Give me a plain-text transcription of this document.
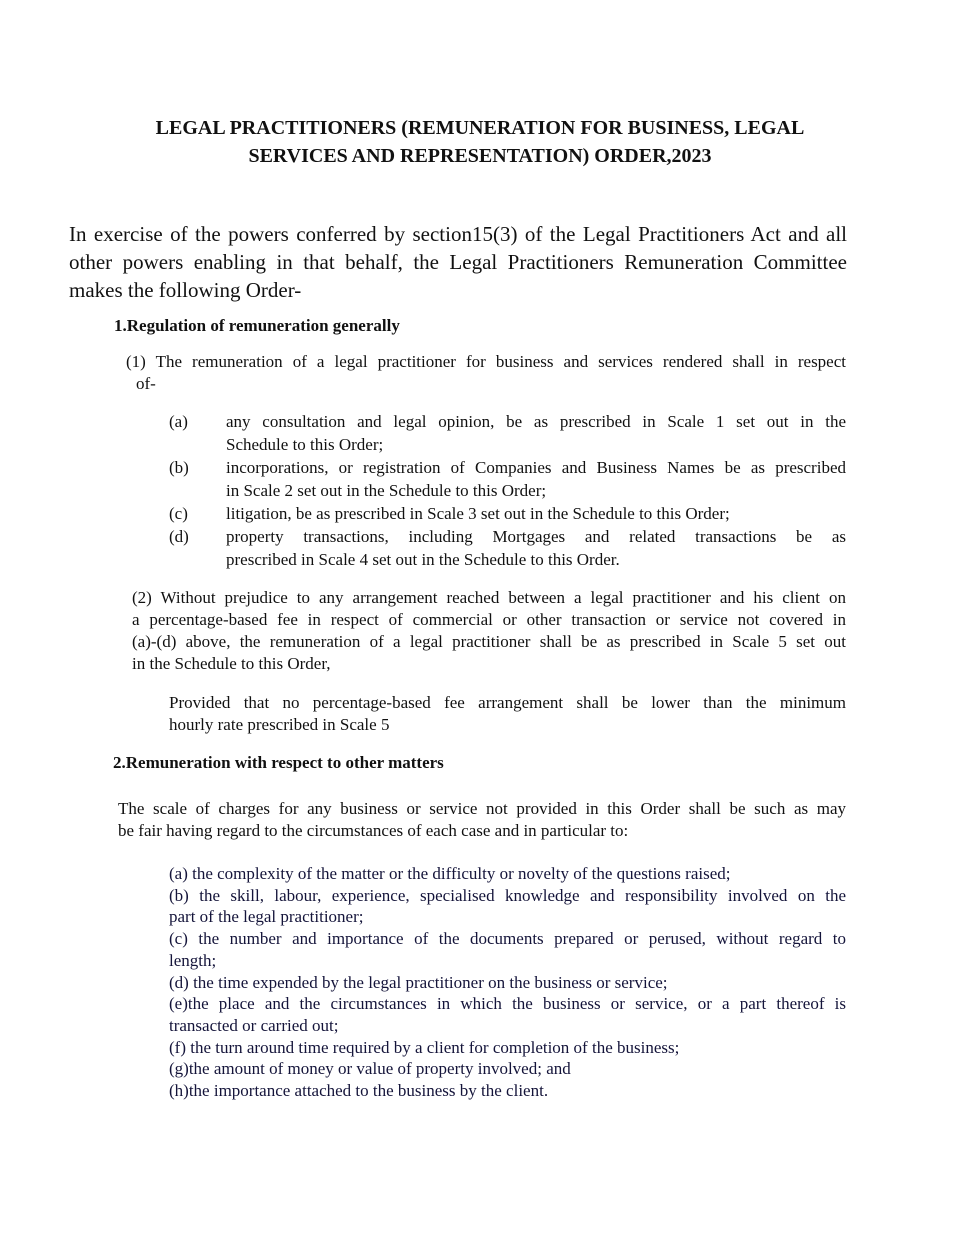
LEGAL PRACTITIONERS (REMUNERATION FOR BUSINESS, LEGAL
SERVICES AND REPRESENTATION) ORDER,2023
In exercise of the powers conferred by section15(3) of the Legal Practitioners Act and all
other powers enabling in that behalf, the Legal Practitioners Remuneration Committee
makes the following Order-
1.Regulation of remuneration generally
(1) The remuneration of a legal practitioner for business and services rendered shall in respect
of-
(a)	any consultation and legal opinion, be as prescribed in Scale 1 set out in the
Schedule to this Order;
(b)	incorporations, or registration of Companies and Business Names be as prescribed
in Scale 2 set out in the Schedule to this Order;
(c)	litigation, be as prescribed in Scale 3 set out in the Schedule to this Order;
(d)	property transactions, including Mortgages and related transactions be as
prescribed in Scale 4 set out in the Schedule to this Order.
(2) Without prejudice to any arrangement reached between a legal practitioner and his client on
a percentage-based fee in respect of commercial or other transaction or service not covered in
(a)-(d) above, the remuneration of a legal practitioner shall be as prescribed in Scale 5 set out
in the Schedule to this Order,
Provided that no percentage-based fee arrangement shall be lower than the minimum
hourly rate prescribed in Scale 5
2.Remuneration with respect to other matters
The scale of charges for any business or service not provided in this Order shall be such as may
be fair having regard to the circumstances of each case and in particular to:
(a) the complexity of the matter or the difficulty or novelty of the questions raised;
(b) the skill, labour, experience, specialised knowledge and responsibility involved on the
part of the legal practitioner;
(c) the number and importance of the documents prepared or perused, without regard to
length;
(d) the time expended by the legal practitioner on the business or service;
(e)the place and the circumstances in which the business or service, or a part thereof is
transacted or carried out;
(f) the turn around time required by a client for completion of the business;
(g)the amount of money or value of property involved; and
(h)the importance attached to the business by the client.
